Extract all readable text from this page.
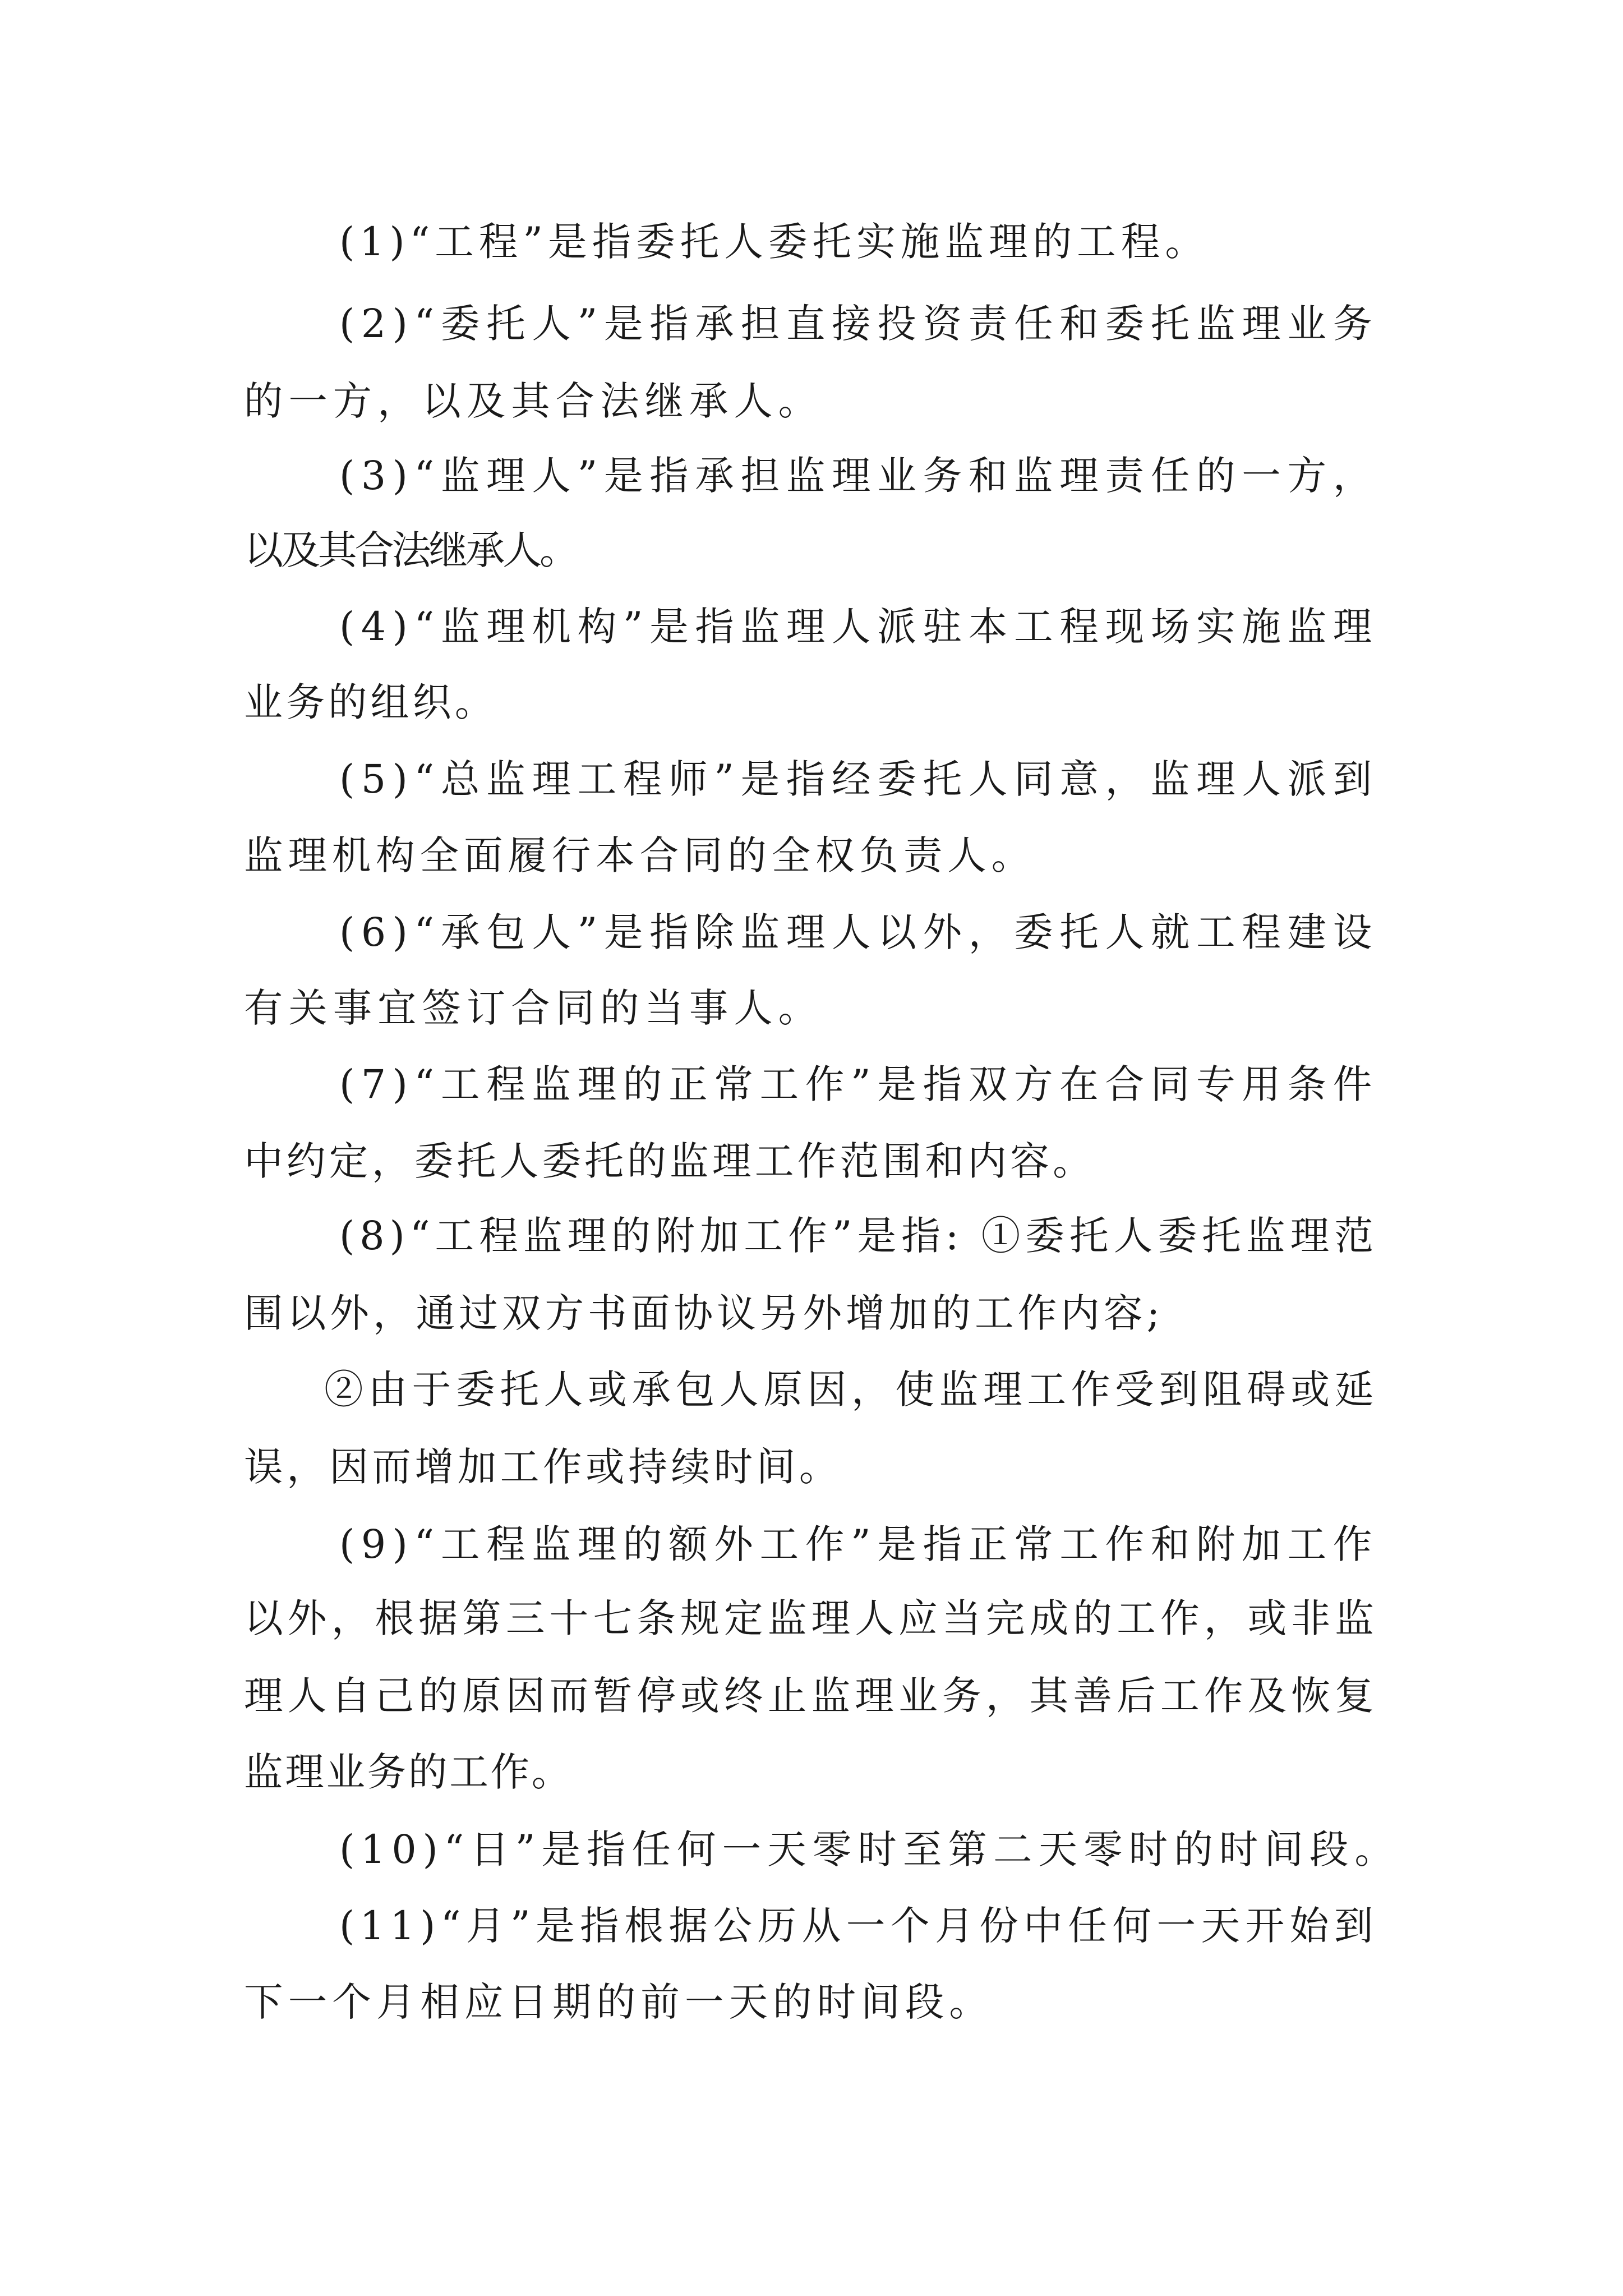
(1)“工程”是指委托人委托实施监理的工程。
(2)“委托人”是指承担直接投资责任和委托监理业务
的一方，以及其合法继承人。
(3)“监理人”是指承担监理业务和监理责任的一方，
以及其合法继承人。
(4)“监理机构”是指监理人派驻本工程现场实施监理
业务的组织。
(5)“总监理工程师”是指经委托人同意，监理人派到
监理机构全面履行本合同的全权负责人。
(6)“承包人”是指除监理人以外，委托人就工程建设
有关事宜签订合同的当事人。
(7)“工程监理的正常工作”是指双方在合同专用条件
中约定，委托人委托的监理工作范围和内容。
(8)“工程监理的附加工作”是指: ①委托人委托监理范
围以外，通过双方书面协议另外增加的工作内容;
②由于委托人或承包人原因，使监理工作受到阻碍或延
误，因而增加工作或持续时间。
(9)“工程监理的额外工作”是指正常工作和附加工作
以外，根据第三十七条规定监理人应当完成的工作，或非监
理人自己的原因而暂停或终止监理业务，其善后工作及恢复
监理业务的工作。
(10)“日”是指任何一天零时至第二天零时的时间段。
(11)“月”是指根据公历从一个月份中任何一天开始到
下一个月相应日期的前一天的时间段。
